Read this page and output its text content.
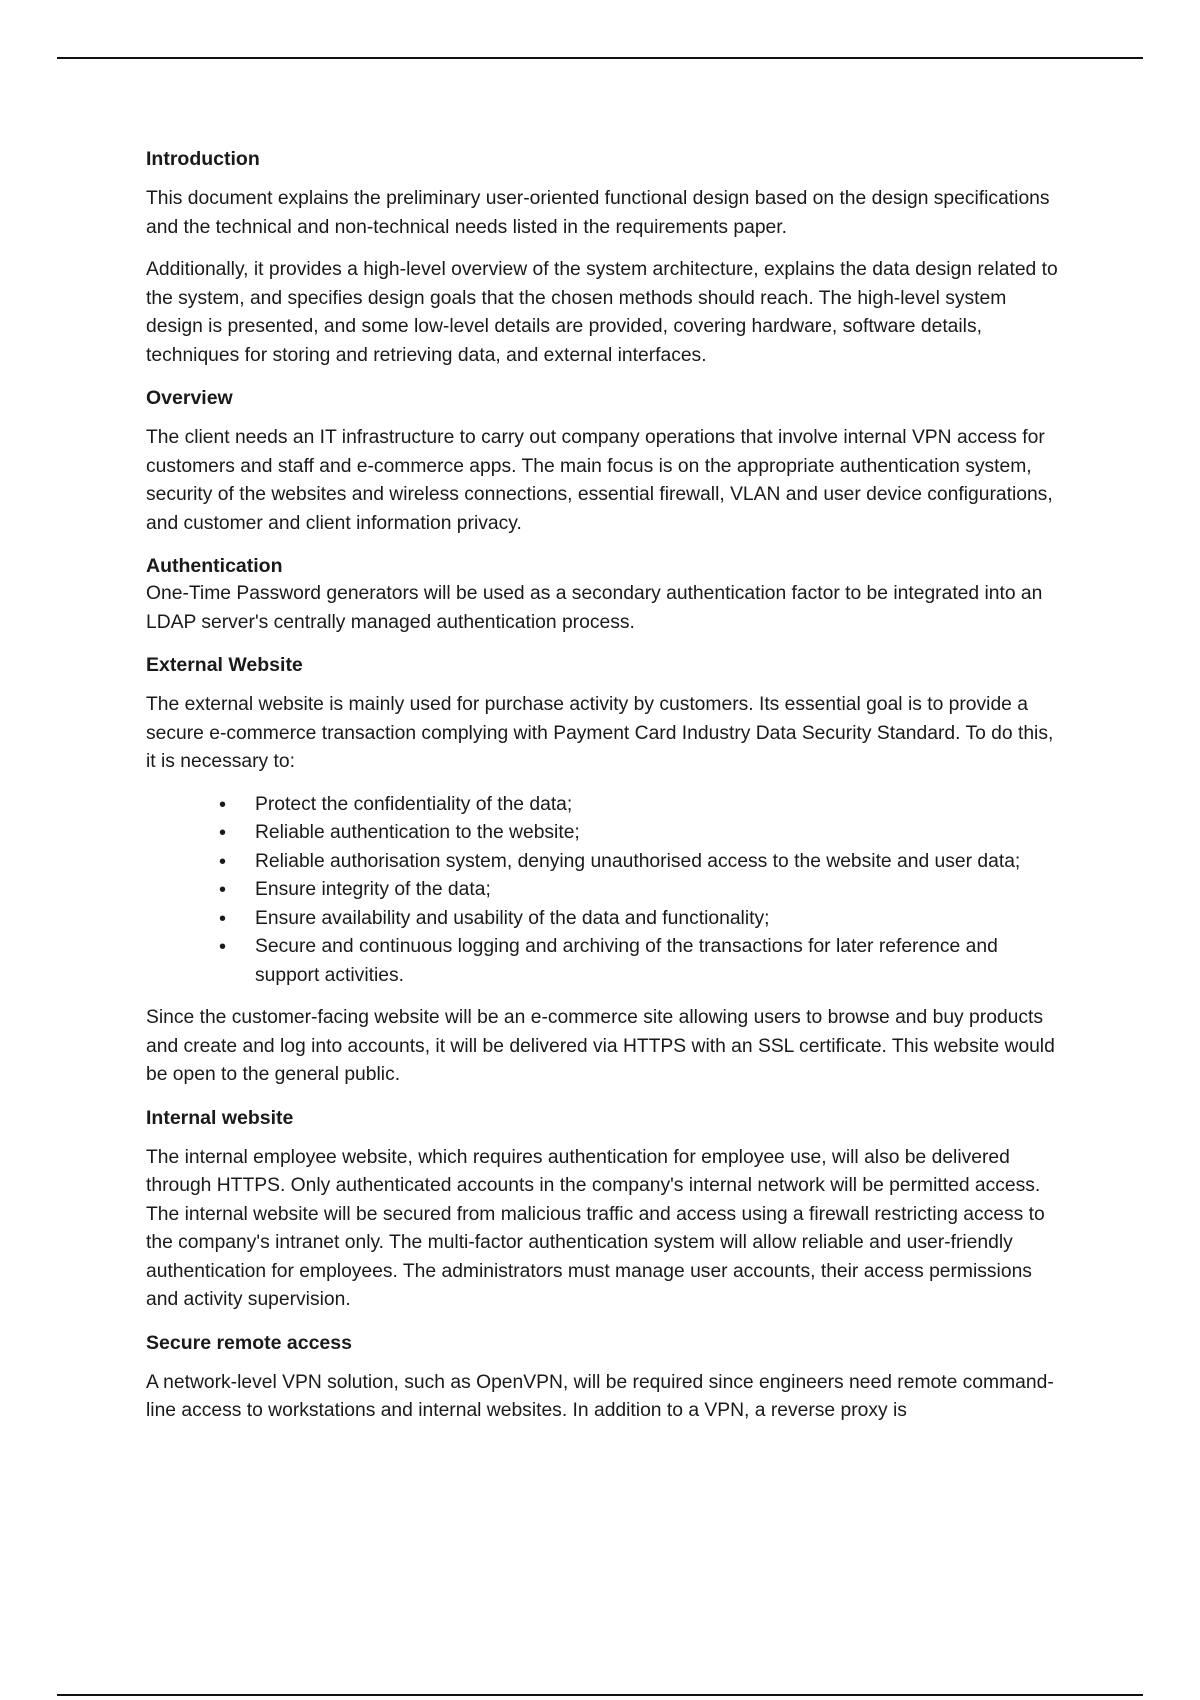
Introduction

This document explains the preliminary user-oriented functional design based on the design specifications and the technical and non-technical needs listed in the requirements paper.

Additionally, it provides a high-level overview of the system architecture, explains the data design related to the system, and specifies design goals that the chosen methods should reach. The high-level system design is presented, and some low-level details are provided, covering hardware, software details, techniques for storing and retrieving data, and external interfaces.

Overview

The client needs an IT infrastructure to carry out company operations that involve internal VPN access for customers and staff and e-commerce apps. The main focus is on the appropriate authentication system, security of the websites and wireless connections, essential firewall, VLAN and user device configurations, and customer and client information privacy.

Authentication

One-Time Password generators will be used as a secondary authentication factor to be integrated into an LDAP server's centrally managed authentication process.

External Website

The external website is mainly used for purchase activity by customers. Its essential goal is to provide a secure e-commerce transaction complying with Payment Card Industry Data Security Standard. To do this, it is necessary to:

• Protect the confidentiality of the data;
• Reliable authentication to the website;
• Reliable authorisation system, denying unauthorised access to the website and user data;
• Ensure integrity of the data;
• Ensure availability and usability of the data and functionality;
• Secure and continuous logging and archiving of the transactions for later reference and support activities.

Since the customer-facing website will be an e-commerce site allowing users to browse and buy products and create and log into accounts, it will be delivered via HTTPS with an SSL certificate. This website would be open to the general public.

Internal website

The internal employee website, which requires authentication for employee use, will also be delivered through HTTPS. Only authenticated accounts in the company's internal network will be permitted access. The internal website will be secured from malicious traffic and access using a firewall restricting access to the company's intranet only. The multi-factor authentication system will allow reliable and user-friendly authentication for employees. The administrators must manage user accounts, their access permissions and activity supervision.

Secure remote access

A network-level VPN solution, such as OpenVPN, will be required since engineers need remote command-line access to workstations and internal websites. In addition to a VPN, a reverse proxy is
